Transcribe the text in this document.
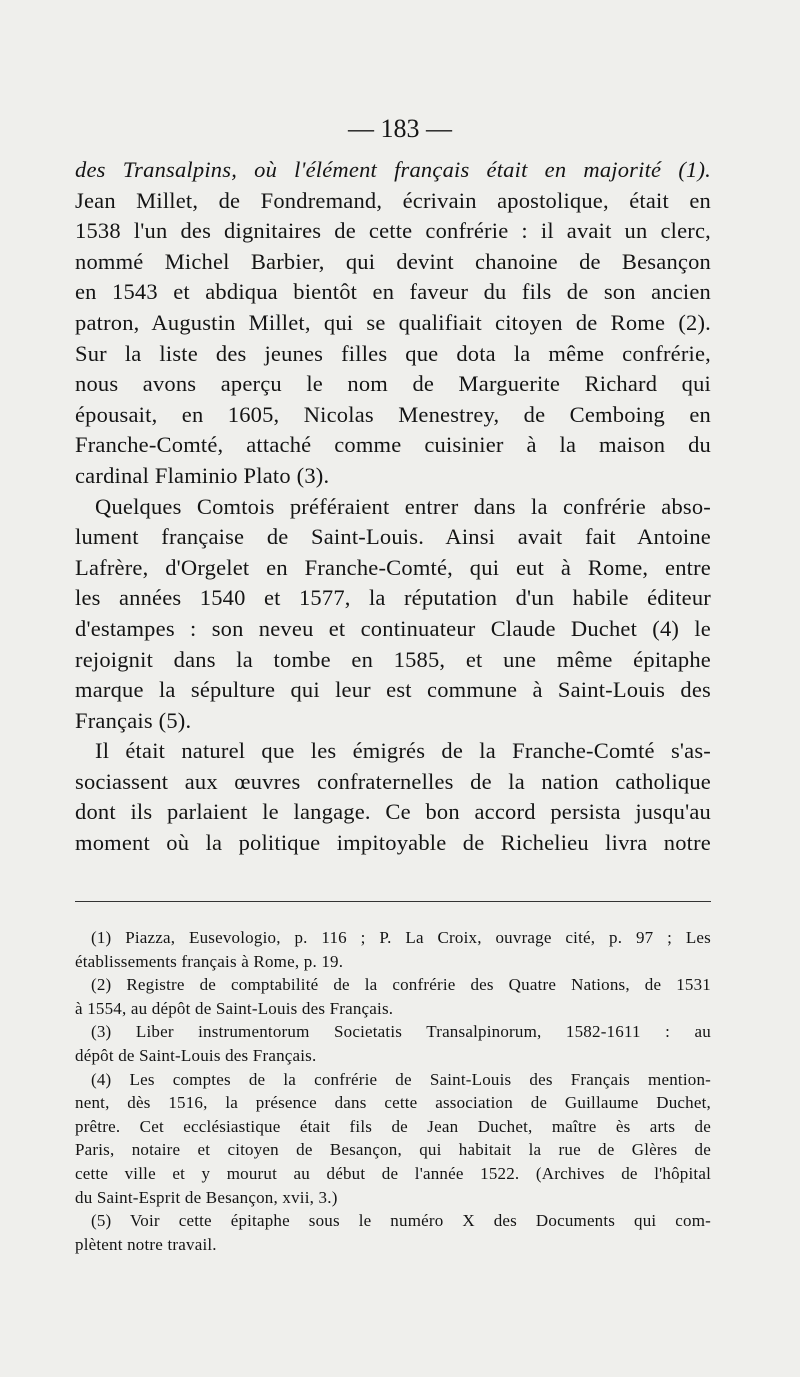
— 183 —
des Transalpins, où l'élément français était en majorité (1).
Jean Millet, de Fondremand, écrivain apostolique, était en
1538 l'un des dignitaires de cette confrérie : il avait un clerc,
nommé Michel Barbier, qui devint chanoine de Besançon
en 1543 et abdiqua bientôt en faveur du fils de son ancien
patron, Augustin Millet, qui se qualifiait citoyen de Rome (2).
Sur la liste des jeunes filles que dota la même confrérie,
nous avons aperçu le nom de Marguerite Richard qui
épousait, en 1605, Nicolas Menestrey, de Cemboing en
Franche-Comté, attaché comme cuisinier à la maison du
cardinal Flaminio Plato (3).
Quelques Comtois préféraient entrer dans la confrérie abso-
lument française de Saint-Louis. Ainsi avait fait Antoine
Lafrère, d'Orgelet en Franche-Comté, qui eut à Rome, entre
les années 1540 et 1577, la réputation d'un habile éditeur
d'estampes : son neveu et continuateur Claude Duchet (4) le
rejoignit dans la tombe en 1585, et une même épitaphe
marque la sépulture qui leur est commune à Saint-Louis des
Français (5).
Il était naturel que les émigrés de la Franche-Comté s'as-
sociassent aux œuvres confraternelles de la nation catholique
dont ils parlaient le langage. Ce bon accord persista jusqu'au
moment où la politique impitoyable de Richelieu livra notre
(1) Piazza, Eusevologio, p. 116 ; P. La Croix, ouvrage cité, p. 97 ; Les
établissements français à Rome, p. 19.
(2) Registre de comptabilité de la confrérie des Quatre Nations, de 1531
à 1554, au dépôt de Saint-Louis des Français.
(3) Liber instrumentorum Societatis Transalpinorum, 1582-1611 : au
dépôt de Saint-Louis des Français.
(4) Les comptes de la confrérie de Saint-Louis des Français mention-
nent, dès 1516, la présence dans cette association de Guillaume Duchet,
prêtre. Cet ecclésiastique était fils de Jean Duchet, maître ès arts de
Paris, notaire et citoyen de Besançon, qui habitait la rue de Glères de
cette ville et y mourut au début de l'année 1522. (Archives de l'hôpital
du Saint-Esprit de Besançon, xvii, 3.)
(5) Voir cette épitaphe sous le numéro X des Documents qui com-
plètent notre travail.
